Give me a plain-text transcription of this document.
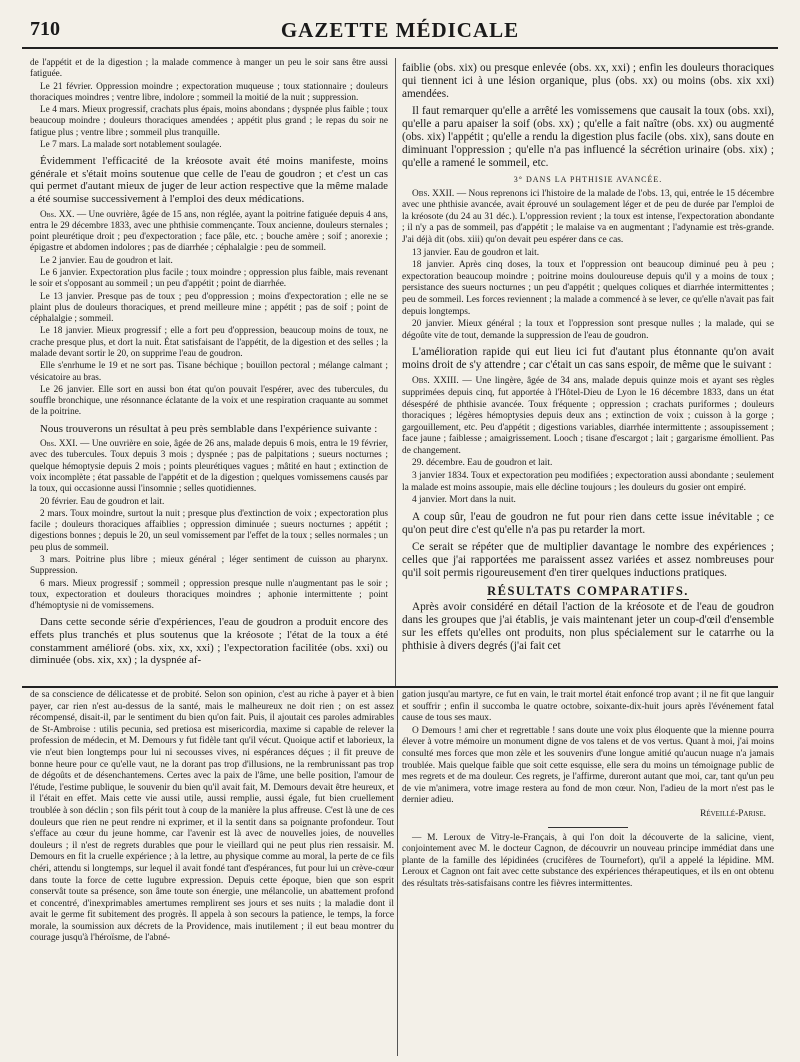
710	GAZETTE MÉDICALE

de l'appétit et de la digestion ; la malade commence à manger un peu le soir sans être aussi fatiguée.

Le 21 février. Oppression moindre ; expectoration muqueuse ; toux stationnaire ; douleurs thoraciques moindres ; ventre libre, indolore ; sommeil la moitié de la nuit ; suppression.

Le 4 mars. Mieux progressif, crachats plus épais, moins abondans ; dyspnée plus faible ; toux beaucoup moindre ; douleurs thoraciques amendées ; appétit plus grand ; le repas du soir ne fatigue plus ; ventre libre ; sommeil plus tranquille.

Le 7 mars. La malade sort notablement soulagée.

Évidemment l'efficacité de la kréosote avait été moins manifeste, moins générale et s'était moins soutenue que celle de l'eau de goudron ; et c'est un cas qui permet d'autant mieux de juger de leur action respective que la même malade a été soumise successivement à l'emploi des deux médications.

Obs. XX. — Une ouvrière, âgée de 15 ans, non réglée, ayant la poitrine fatiguée depuis 4 ans, entra le 29 décembre 1833, avec une phthisie commençante. Toux ancienne, douleurs sternales ; point pleurétique droit ; peu d'expectoration ; face pâle, etc. ; bouche amère ; soif ; anorexie ; épigastre et abdomen indolores ; pas de diarrhée ; céphalalgie : peu de sommeil.

Le 2 janvier. Eau de goudron et lait.

Le 6 janvier. Expectoration plus facile ; toux moindre ; oppression plus faible, mais revenant le soir et s'opposant au sommeil ; un peu d'appétit ; point de diarrhée.

Le 13 janvier. Presque pas de toux ; peu d'oppression ; moins d'expectoration ; elle ne se plaint plus de douleurs thoraciques, et prend meilleure mine ; appétit ; pas de soif ; point de céphalalgie ; sommeil.

Le 18 janvier. Mieux progressif ; elle a fort peu d'oppression, beaucoup moins de toux, ne crache presque plus, et dort la nuit. État satisfaisant de l'appétit, de la digestion et des selles ; la malade devant sortir le 20, on supprime l'eau de goudron.

Elle s'enrhume le 19 et ne sort pas. Tisane béchique ; bouillon pectoral ; mélange calmant ; vésicatoire au bras.

Le 26 janvier. Elle sort en aussi bon état qu'on pouvait l'espérer, avec des tubercules, du souffle bronchique, une résonnance éclatante de la voix et une respiration craquante au sommet de la poitrine.

Nous trouverons un résultat à peu près semblable dans l'expérience suivante :

Obs. XXI. — Une ouvrière en soie, âgée de 26 ans, malade depuis 6 mois, entra le 19 février, avec des tubercules. Toux depuis 3 mois ; dyspnée ; pas de palpitations ; sueurs nocturnes ; quelque hémoptysie depuis 2 mois ; points pleurétiques vagues ; mâtité en haut ; extinction de voix incomplète ; état passable de l'appétit et de la digestion ; quelques vomissemens causés par la toux, qui occasionne aussi l'insomnie ; selles quotidiennes.

20 février. Eau de goudron et lait.

2 mars. Toux moindre, surtout la nuit ; presque plus d'extinction de voix ; expectoration plus facile ; douleurs thoraciques affaiblies ; oppression diminuée ; sueurs nocturnes ; appétit ; digestions bonnes ; depuis le 20, un seul vomissement par l'effet de la toux ; selles normales ; un peu plus de sommeil.

3 mars. Poitrine plus libre ; mieux général ; léger sentiment de cuisson au pharynx. Suppression.

6 mars. Mieux progressif ; sommeil ; oppression presque nulle n'augmentant pas le soir ; toux, expectoration et douleurs thoraciques moindres ; aphonie intermittente ; point d'hémoptysie ni de vomissemens.

Dans cette seconde série d'expériences, l'eau de goudron a produit encore des effets plus tranchés et plus soutenus que la kréosote ; l'état de la toux a été constamment amélioré (obs. xix, xx, xxi) ; l'expectoration facilitée (obs. xxi) ou diminuée (obs. xix, xx) ; la dyspnée af-

faiblie (obs. xix) ou presque enlevée (obs. xx, xxi) ; enfin les douleurs thoraciques qui tiennent ici à une lésion organique, plus (obs. xx) ou moins (obs. xix xxi) amendées.

Il faut remarquer qu'elle a arrêté les vomissemens que causait la toux (obs. xxi), qu'elle a paru apaiser la soif (obs. xx) ; qu'elle a fait naître (obs. xx) ou augmenté (obs. xix) l'appétit ; qu'elle a rendu la digestion plus facile (obs. xix), sans doute en diminuant l'oppression ; qu'elle n'a pas influencé la sécrétion urinaire (obs. xix) ; qu'elle a ramené le sommeil, etc.

3° DANS LA PHTHISIE AVANCÉE.

Obs. XXII. — Nous reprenons ici l'histoire de la malade de l'obs. 13, qui, entrée le 15 décembre avec une phthisie avancée, avait éprouvé un soulagement léger et de peu de durée par l'emploi de la kréosote (du 24 au 31 déc.). L'oppression revient ; la toux est intense, l'expectoration abondante ; il n'y a pas de sommeil, pas d'appétit ; le malaise va en augmentant ; l'adynamie est très-grande. J'ai déjà dit (obs. xiii) qu'on devait peu espérer dans ce cas.

13 janvier. Eau de goudron et lait.

18 janvier. Après cinq doses, la toux et l'oppression ont beaucoup diminué peu à peu ; expectoration beaucoup moindre ; poitrine moins douloureuse depuis qu'il y a moins de toux ; persistance des sueurs nocturnes ; un peu d'appétit ; quelques coliques et diarrhée intermittentes ; peu de sommeil. Les forces reviennent ; la malade a commencé à se lever, ce qu'elle n'avait pas fait depuis longtemps.

20 janvier. Mieux général ; la toux et l'oppression sont presque nulles ; la malade, qui se dégoûte vite de tout, demande la suppression de l'eau de goudron.

L'amélioration rapide qui eut lieu ici fut d'autant plus étonnante qu'on avait moins droit de s'y attendre ; car c'était un cas sans espoir, de même que le suivant :

Obs. XXIII. — Une lingère, âgée de 34 ans, malade depuis quinze mois et ayant ses règles supprimées depuis cinq, fut apportée à l'Hôtel-Dieu de Lyon le 16 décembre 1833, dans un état désespéré de phthisie avancée. Toux fréquente ; oppression ; crachats puriformes ; douleurs thoraciques ; légères hémoptysies depuis deux ans ; extinction de voix ; cuisson à la gorge ; gargouillement, etc. Peu d'appétit ; digestions variables, diarrhée intermittente ; assoupissement ; face jaune ; faiblesse ; amaigrissement. Looch ; tisane d'escargot ; lait ; gargarisme émollient. Pas de changement.

29. décembre. Eau de goudron et lait.

3 janvier 1834. Toux et expectoration peu modifiées ; expectoration aussi abondante ; seulement la malade est moins assoupie, mais elle décline toujours ; les douleurs du gosier ont empiré.

4 janvier. Mort dans la nuit.

A coup sûr, l'eau de goudron ne fut pour rien dans cette issue inévitable ; ce qu'on peut dire c'est qu'elle n'a pas pu retarder la mort.

Ce serait se répéter que de multiplier davantage le nombre des expériences ; celles que j'ai rapportées me paraissent assez variées et assez nombreuses pour qu'il soit permis rigoureusement d'en tirer quelques inductions pratiques.

RÉSULTATS COMPARATIFS.

Après avoir considéré en détail l'action de la kréosote et de l'eau de goudron dans les groupes que j'ai établis, je vais maintenant jeter un coup-d'œil d'ensemble sur les effets qu'elles ont produits, non plus spécialement sur le catarrhe ou la phthisie à divers degrés (j'ai fait cet

de sa conscience de délicatesse et de probité. Selon son opinion, c'est au riche à payer et à bien payer, car rien n'est au-dessus de la santé, mais le malheureux ne doit rien ; on est assez récompensé, disait-il, par le sentiment du bien qu'on fait. Puis, il ajoutait ces paroles admirables de St-Ambroise : utilis pecunia, sed pretiosa est misericordia, maxime si capable de relever la profession de médecin, et M. Demours y fut fidèle tant qu'il vécut. Quoique actif et laborieux, la vie n'eut bien longtemps pour lui ni secousses vives, ni espérances déçues ; il fit preuve de bonne heure pour ce qu'elle vaut, ne la dorant pas trop d'illusions, ne la rembrunissant pas trop de dégoûts et de désenchantemens. Certes avec la paix de l'âme, une belle position, l'amour de l'étude, l'estime publique, le souvenir du bien qu'il avait fait, M. Demours devait être heureux, et il l'était en effet. Mais cette vie aussi utile, aussi remplie, aussi égale, fut bien cruellement troublée à son déclin ; son fils périt tout à coup de la manière la plus affreuse. C'est là une de ces douleurs que rien ne peut rendre ni exprimer, et il la sentit dans sa poignante profondeur. Tout s'efface au cœur du jeune homme, car l'avenir est là avec de nouvelles joies, de nouvelles douleurs ; il n'est de regrets durables que pour le vieillard qui ne peut plus rien ressaisir. M. Demours en fit la cruelle expérience ; à la lettre, au physique comme au moral, la perte de ce fils chéri, attendu si longtemps, sur lequel il avait fondé tant d'espérances, fut pour lui un crève-cœur dans toute la force de cette lugubre expression. Depuis cette époque, bien que son esprit conservât toute sa présence, son âme toute son énergie, une mélancolie, un abattement profond et concentré, d'inexprimables amertumes remplirent ses jours et ses nuits ; la maladie dont il avait le germe fit subitement des progrès. Il appela à son secours la patience, le temps, la force morale, la soumission aux décrets de la Providence, mais inutilement ; il eut beau montrer du courage jusqu'à l'héroïsme, de l'abné-

gation jusqu'au martyre, ce fut en vain, le trait mortel était enfoncé trop avant ; il ne fit que languir et souffrir ; enfin il succomba le quatre octobre, soixante-dix-huit jours après l'événement fatal cause de tous ses maux.

O Demours ! ami cher et regrettable ! sans doute une voix plus éloquente que la mienne pourra élever à votre mémoire un monument digne de vos talens et de vos vertus. Quant à moi, j'ai moins consulté mes forces que mon zèle et les souvenirs d'une longue amitié qu'aucun nuage n'a jamais troublée. Mais quelque faible que soit cette esquisse, elle sera du moins un témoignage public de mes regrets et de ma douleur. Ces regrets, je l'affirme, dureront autant que moi, car, tant qu'un peu de vie m'animera, votre image restera au fond de mon cœur. Non, l'adieu de la mort n'est pas le dernier adieu.

Réveillé-Parise.

— M. Leroux de Vitry-le-Français, à qui l'on doit la découverte de la salicine, vient, conjointement avec M. le docteur Cagnon, de découvrir un nouveau principe immédiat dans une plante de la famille des lépidinées (crucifères de Tournefort), qu'il a appelé la lépidine. MM. Leroux et Cagnon ont fait avec cette substance des expériences thérapeutiques, et ils en ont obtenu des résultats très-satisfaisans contre les fièvres intermittentes.
